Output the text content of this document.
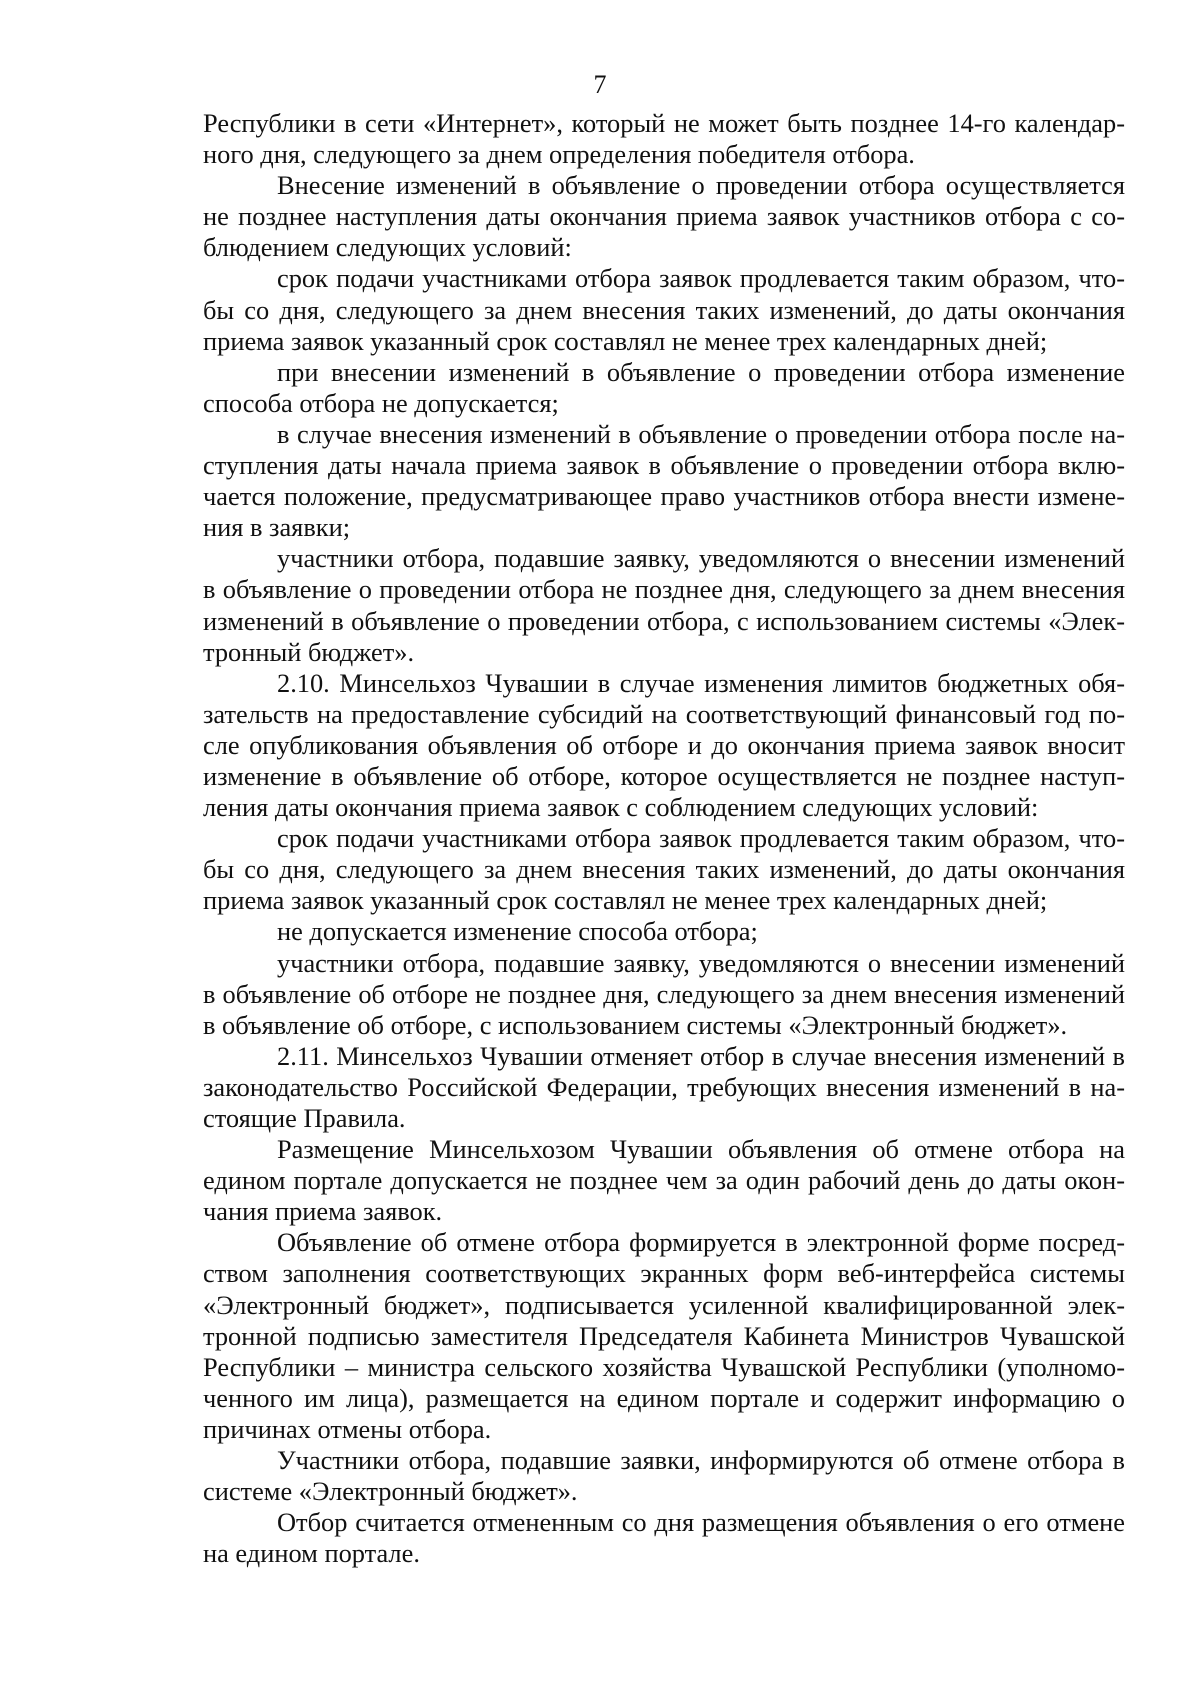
7

Республики в сети «Интернет», который не может быть позднее 14-го календарного дня, следующего за днем определения победителя отбора.

Внесение изменений в объявление о проведении отбора осуществляется не позднее наступления даты окончания приема заявок участников отбора с соблюдением следующих условий:

срок подачи участниками отбора заявок продлевается таким образом, чтобы со дня, следующего за днем внесения таких изменений, до даты окончания приема заявок указанный срок составлял не менее трех календарных дней;

при внесении изменений в объявление о проведении отбора изменение способа отбора не допускается;

в случае внесения изменений в объявление о проведении отбора после наступления даты начала приема заявок в объявление о проведении отбора включается положение, предусматривающее право участников отбора внести изменения в заявки;

участники отбора, подавшие заявку, уведомляются о внесении изменений в объявление о проведении отбора не позднее дня, следующего за днем внесения изменений в объявление о проведении отбора, с использованием системы «Электронный бюджет».

2.10. Минсельхоз Чувашии в случае изменения лимитов бюджетных обязательств на предоставление субсидий на соответствующий финансовый год после опубликования объявления об отборе и до окончания приема заявок вносит изменение в объявление об отборе, которое осуществляется не позднее наступления даты окончания приема заявок с соблюдением следующих условий:

срок подачи участниками отбора заявок продлевается таким образом, чтобы со дня, следующего за днем внесения таких изменений, до даты окончания приема заявок указанный срок составлял не менее трех календарных дней;

не допускается изменение способа отбора;

участники отбора, подавшие заявку, уведомляются о внесении изменений в объявление об отборе не позднее дня, следующего за днем внесения изменений в объявление об отборе, с использованием системы «Электронный бюджет».

2.11. Минсельхоз Чувашии отменяет отбор в случае внесения изменений в законодательство Российской Федерации, требующих внесения изменений в настоящие Правила.

Размещение Минсельхозом Чувашии объявления об отмене отбора на едином портале допускается не позднее чем за один рабочий день до даты окончания приема заявок.

Объявление об отмене отбора формируется в электронной форме посредством заполнения соответствующих экранных форм веб-интерфейса системы «Электронный бюджет», подписывается усиленной квалифицированной электронной подписью заместителя Председателя Кабинета Министров Чувашской Республики – министра сельского хозяйства Чувашской Республики (уполномоченного им лица), размещается на едином портале и содержит информацию о причинах отмены отбора.

Участники отбора, подавшие заявки, информируются об отмене отбора в системе «Электронный бюджет».

Отбор считается отмененным со дня размещения объявления о его отмене на едином портале.
